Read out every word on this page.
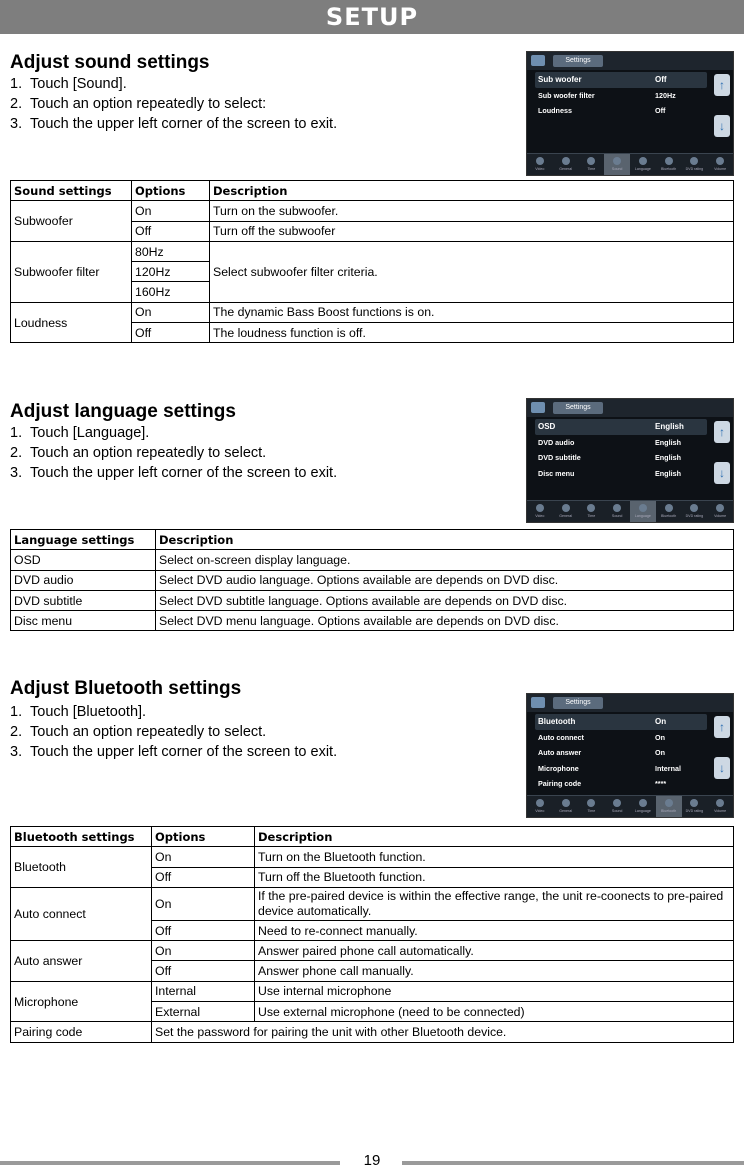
SETUP
Adjust sound settings
1. Touch [Sound].
2. Touch an option repeatedly to select:
3. Touch the upper left corner of the screen to exit.
Settings
Sub woofer	Off
Sub woofer filter	120Hz
Loudness	Off
↑
↓
Video	General	Time	Sound	Language	Bluetooth	DVD rating	Volume
Sound settings	Options	Description
Subwoofer	On	Turn on the subwoofer.
	Off	Turn off the subwoofer
Subwoofer filter	80Hz	Select subwoofer filter criteria.
	120Hz	
	160Hz	
Loudness	On	The dynamic Bass Boost functions is on.
	Off	The loudness function is off.
Adjust language settings
1. Touch [Language].
2. Touch an option repeatedly to select.
3. Touch the upper left corner of the screen to exit.
Settings
OSD	English
DVD audio	English
DVD subtitle	English
Disc menu	English
↑
↓
Video	General	Time	Sound	Language	Bluetooth	DVD rating	Volume
Language settings	Description
OSD	Select on-screen display language.
DVD audio	Select DVD audio language. Options available are depends on DVD disc.
DVD subtitle	Select DVD subtitle language. Options available are depends on DVD disc.
Disc menu	Select DVD menu language. Options available are depends on DVD disc.
Adjust Bluetooth settings
1. Touch [Bluetooth].
2. Touch an option repeatedly to select.
3. Touch the upper left corner of the screen to exit.
Settings
Bluetooth	On
Auto connect	On
Auto answer	On
Microphone	Internal
Pairing code	****
↑
↓
Video	General	Time	Sound	Language	Bluetooth	DVD rating	Volume
Bluetooth settings	Options	Description
Bluetooth	On	Turn on the Bluetooth function.
	Off	Turn off the Bluetooth function.
Auto connect	On	If the pre-paired device is within the effective range, the unit re-coonects to pre-paired device automatically.
	Off	Need to re-connect manually.
Auto answer	On	Answer paired phone call automatically.
	Off	Answer phone call manually.
Microphone	Internal	Use internal microphone
	External	Use external microphone (need to be connected)
Pairing code	Set the password for pairing the unit with other Bluetooth device.	
19
